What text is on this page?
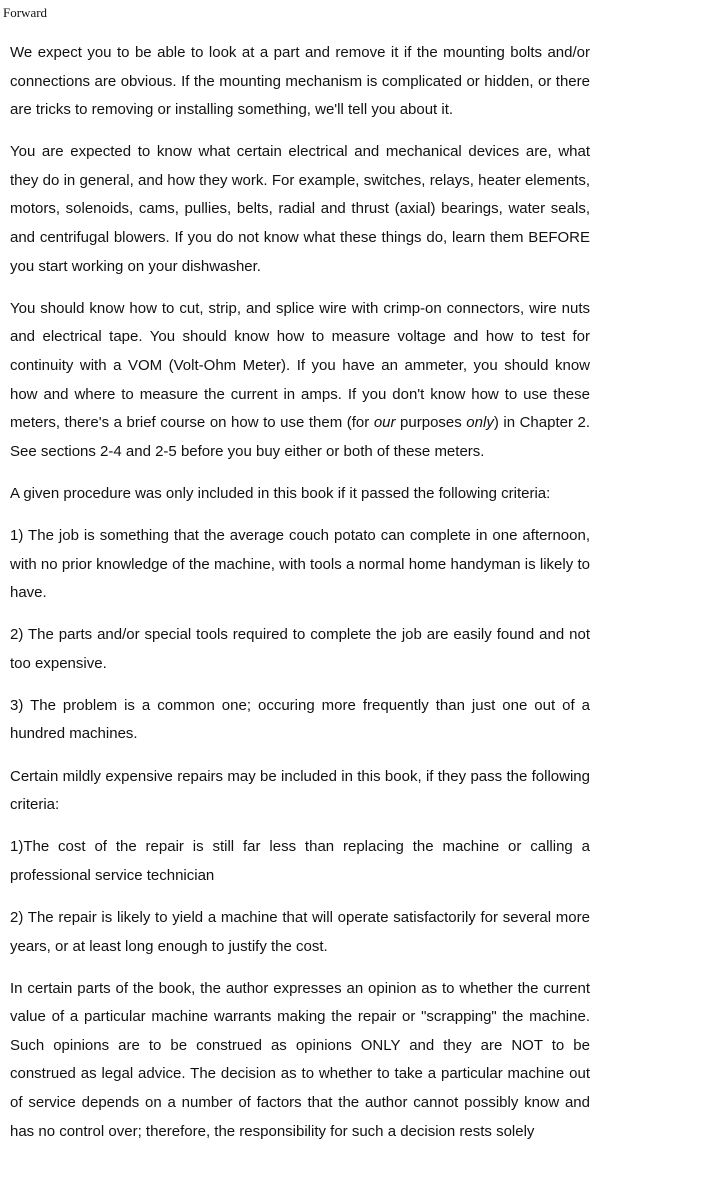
Forward

We expect you to be able to look at a part and remove it if the mounting bolts and/or connections are obvious. If the mounting mechanism is complicated or hidden, or there are tricks to removing or installing something, we'll tell you about it.

You are expected to know what certain electrical and mechanical devices are, what they do in general, and how they work. For example, switches, relays, heater elements, motors, solenoids, cams, pullies, belts, radial and thrust (axial) bearings, water seals, and centrifugal blowers. If you do not know what these things do, learn them BEFORE you start working on your dishwasher.

You should know how to cut, strip, and splice wire with crimp-on connectors, wire nuts and electrical tape. You should know how to measure voltage and how to test for continuity with a VOM (Volt-Ohm Meter). If you have an ammeter, you should know how and where to measure the current in amps. If you don't know how to use these meters, there's a brief course on how to use them (for our purposes only) in Chapter 2. See sections 2-4 and 2-5 before you buy either or both of these meters.

A given procedure was only included in this book if it passed the following criteria:

1) The job is something that the average couch potato can complete in one afternoon, with no prior knowledge of the machine, with tools a normal home handyman is likely to have.

2) The parts and/or special tools required to complete the job are easily found and not too expensive.

3) The problem is a common one; occuring more frequently than just one out of a hundred machines.

Certain mildly expensive repairs may be included in this book, if they pass the following criteria:

1)The cost of the repair is still far less than replacing the machine or calling a professional service technician

2) The repair is likely to yield a machine that will operate satisfactorily for several more years, or at least long enough to justify the cost.

In certain parts of the book, the author expresses an opinion as to whether the current value of a particular machine warrants making the repair or "scrapping" the machine. Such opinions are to be construed as opinions ONLY and they are NOT to be construed as legal advice. The decision as to whether to take a particular machine out of service depends on a number of factors that the author cannot possibly know and has no control over; therefore, the responsibility for such a decision rests solely
